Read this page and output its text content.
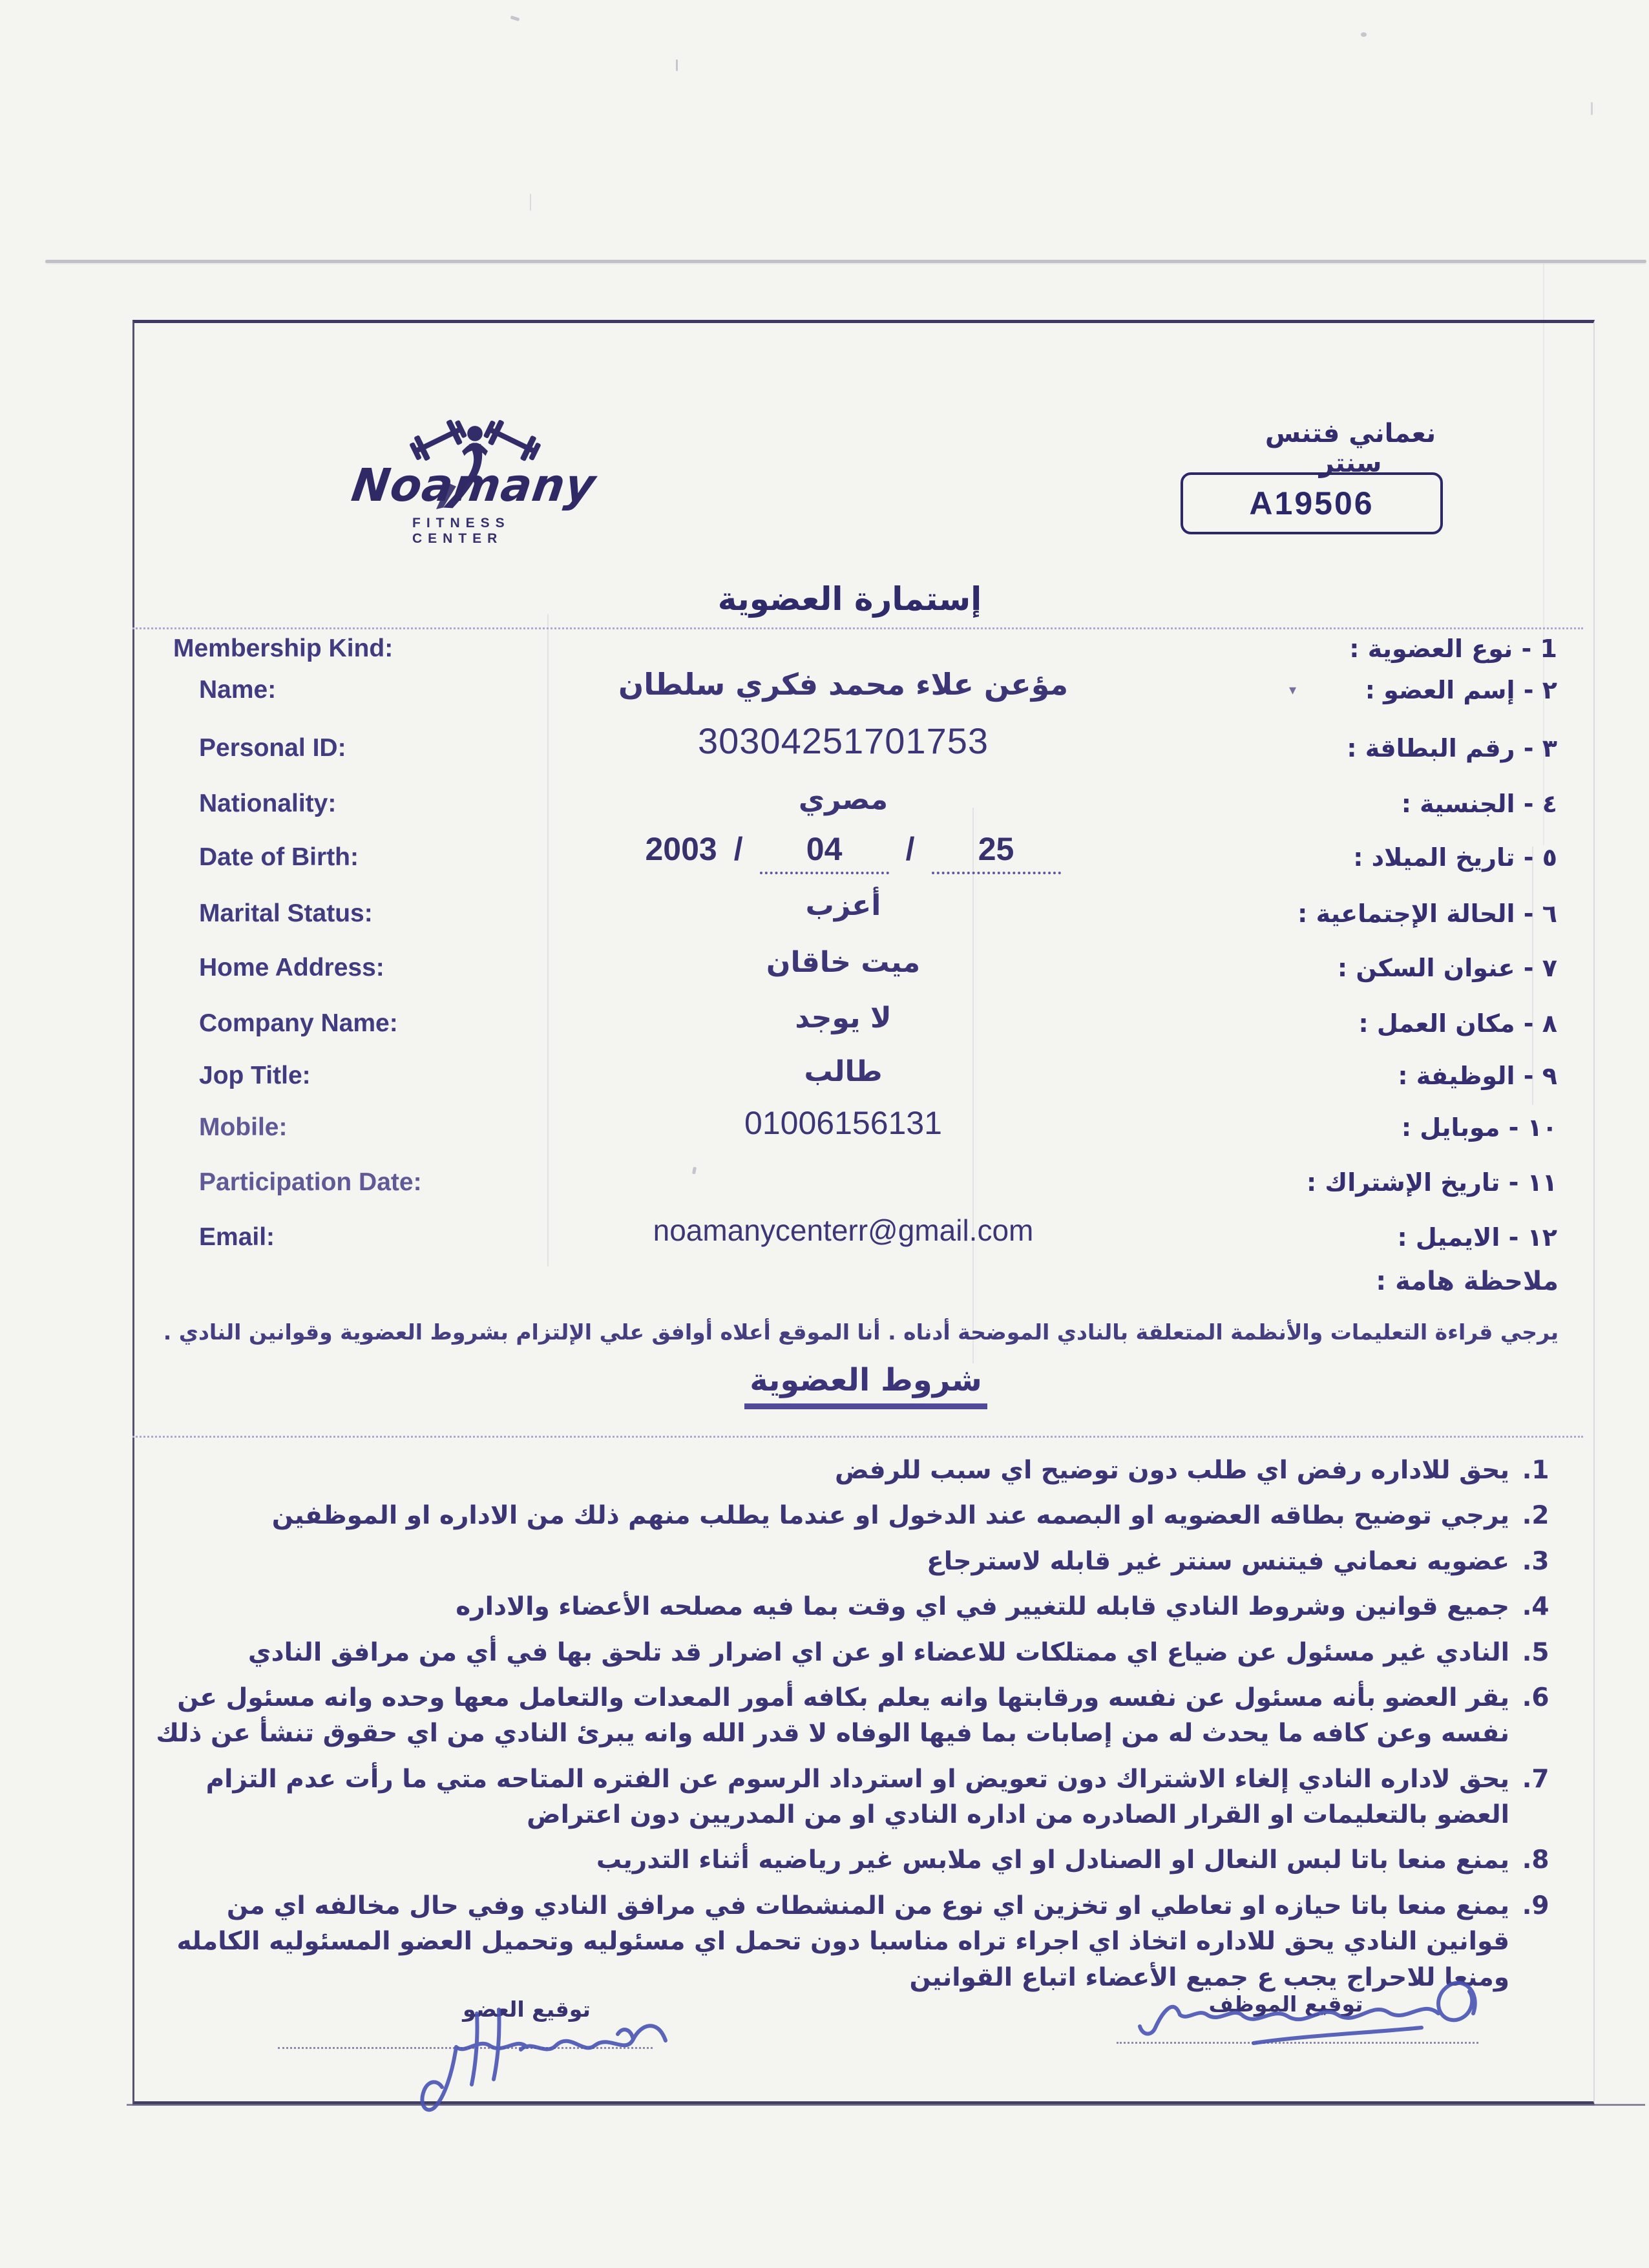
Noamany
FITNESS CENTER
نعماني فتنس سنتر
A19506
إستمارة العضوية
Membership Kind:	1 - نوع العضوية :
▾
Name:	مؤعن علاء محمد فكري سلطان	٢ - إسم العضو :
Personal ID:	30304251701753	٣ - رقم البطاقة :
Nationality:	مصري	٤ - الجنسية :
Date of Birth:	2003 /	04	/	25	٥ - تاريخ الميلاد :
Marital Status:	أعزب	٦ - الحالة الإجتماعية :
Home Address:	ميت خاقان	٧ - عنوان السكن :
Company Name:	لا يوجد	٨ - مكان العمل :
Jop Title:	طالب	٩ - الوظيفة :
Mobile:	01006156131	١٠ - موبايل :
Participation Date:	١١ - تاريخ الإشتراك :
Email:	noamanycenterr@gmail.com	١٢ - الايميل :
ملاحظة هامة :
يرجي قراءة التعليمات والأنظمة المتعلقة بالنادي الموضحة أدناه . أنا الموقع أعلاه أوافق علي الإلتزام بشروط العضوية وقوانين النادي .
شروط العضوية
1. يحق للاداره رفض اي طلب دون توضيح اي سبب للرفض
2. يرجي توضيح بطاقه العضويه او البصمه عند الدخول او عندما يطلب منهم ذلك من الاداره او الموظفين
3. عضويه نعماني فيتنس سنتر غير قابله لاسترجاع
4. جميع قوانين وشروط النادي قابله للتغيير في اي وقت بما فيه مصلحه الأعضاء والاداره
5. النادي غير مسئول عن ضياع اي ممتلكات للاعضاء او عن اي اضرار قد تلحق بها في أي من مرافق النادي
6. يقر العضو بأنه مسئول عن نفسه ورقابتها وانه يعلم بكافه أمور المعدات والتعامل معها وحده وانه مسئول عن نفسه وعن كافه ما يحدث له من إصابات بما فيها الوفاه لا قدر الله وانه يبرئ النادي من اي حقوق تنشأ عن ذلك
7. يحق لاداره النادي إلغاء الاشتراك دون تعويض او استرداد الرسوم عن الفتره المتاحه متي ما رأت عدم التزام العضو بالتعليمات او القرار الصادره من اداره النادي او من المدريين دون اعتراض
8. يمنع منعا باتا لبس النعال او الصنادل او اي ملابس غير رياضيه أثناء التدريب
9. يمنع منعا باتا حيازه او تعاطي او تخزين اي نوع من المنشطات في مرافق النادي وفي حال مخالفه اي من قوانين النادي يحق للاداره اتخاذ اي اجراء تراه مناسبا دون تحمل اي مسئوليه وتحميل العضو المسئوليه الكامله ومنعا للاحراج يجب ع جميع الأعضاء اتباع القوانين
توقيع الموظف
توقيع العضو
